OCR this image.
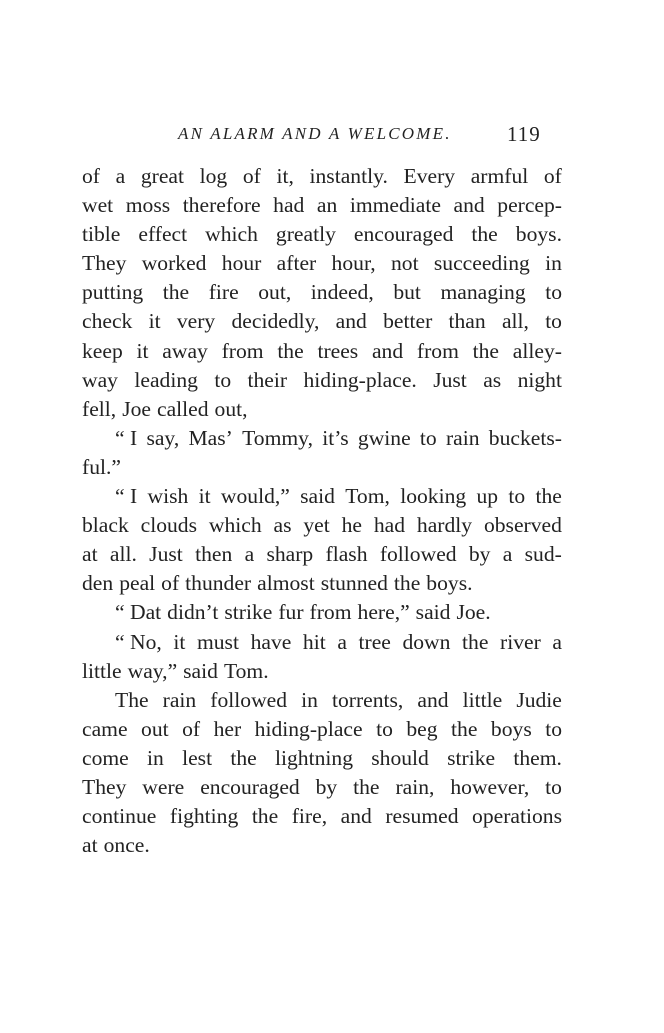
AN ALARM AND A WELCOME.	119
of a great log of it, instantly. Every armful of
wet moss therefore had an immediate and percep-
tible effect which greatly encouraged the boys.
They worked hour after hour, not succeeding in
putting the fire out, indeed, but managing to
check it very decidedly, and better than all, to
keep it away from the trees and from the alley-
way leading to their hiding-place. Just as night
fell, Joe called out,
“ I say, Mas’ Tommy, it’s gwine to rain buckets-
ful.”
“ I wish it would,” said Tom, looking up to the
black clouds which as yet he had hardly observed
at all. Just then a sharp flash followed by a sud-
den peal of thunder almost stunned the boys.
“ Dat didn’t strike fur from here,” said Joe.
“ No, it must have hit a tree down the river a
little way,” said Tom.
The rain followed in torrents, and little Judie
came out of her hiding-place to beg the boys to
come in lest the lightning should strike them.
They were encouraged by the rain, however, to
continue fighting the fire, and resumed operations
at once.
